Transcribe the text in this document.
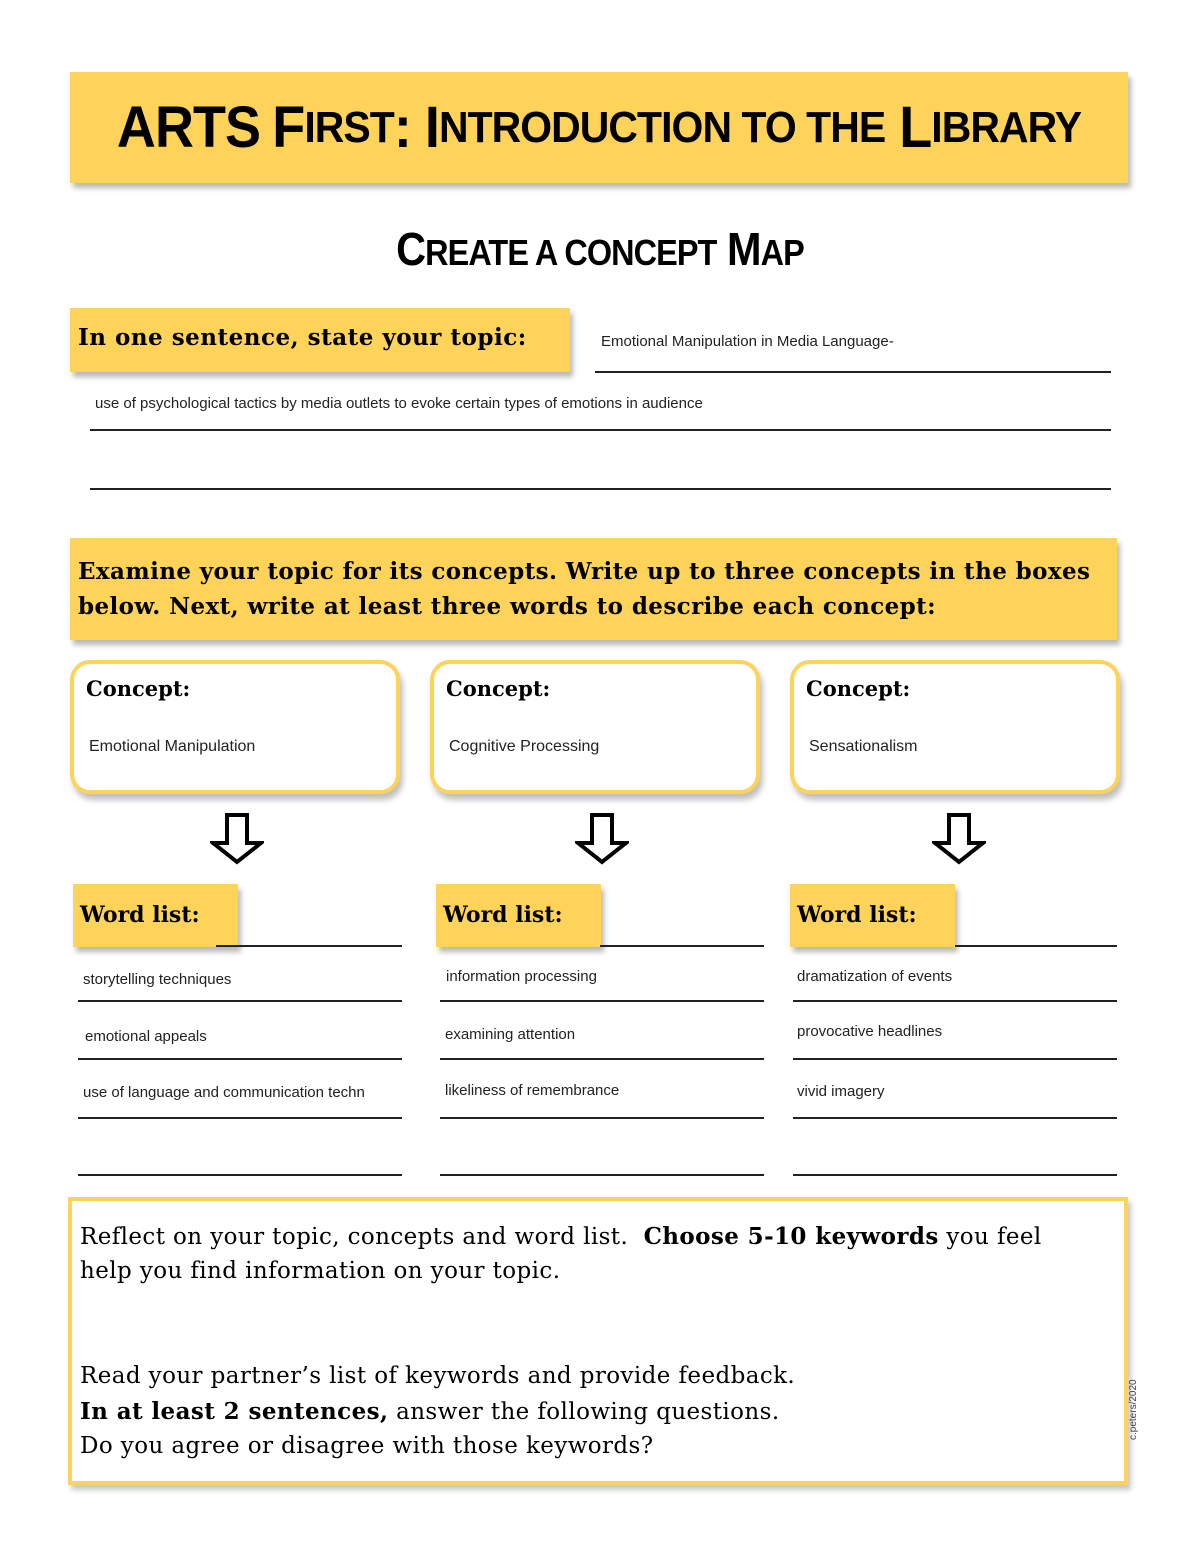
ARTS
F IRST : I NTRODUCTION TO THE L IBRARY
CREATE A CONCEPT MAP
In one sentence, state your topic:	Emotional Manipulation in Media Language-
use of psychological tactics by media outlets to evoke certain types of emotions in audience
Examine your topic for its concepts. Write up to three concepts in the boxes below. Next, write at least three words to describe each concept:
Concept:
Emotional Manipulation
Concept:
Cognitive Processing
Concept:
Sensationalism
Word list:
storytelling techniques
emotional appeals
use of language and communication techn
Word list:
information processing
examining attention
likeliness of remembrance
Word list:
dramatization of events
provocative headlines
vivid imagery
Reflect on your topic, concepts and word list.  Choose 5-10 keywords you feel
help you find information on your topic.
Read your partner’s list of keywords and provide feedback.
In at least 2 sentences, answer the following questions.
Do you agree or disagree with those keywords?
c.peters/2020
